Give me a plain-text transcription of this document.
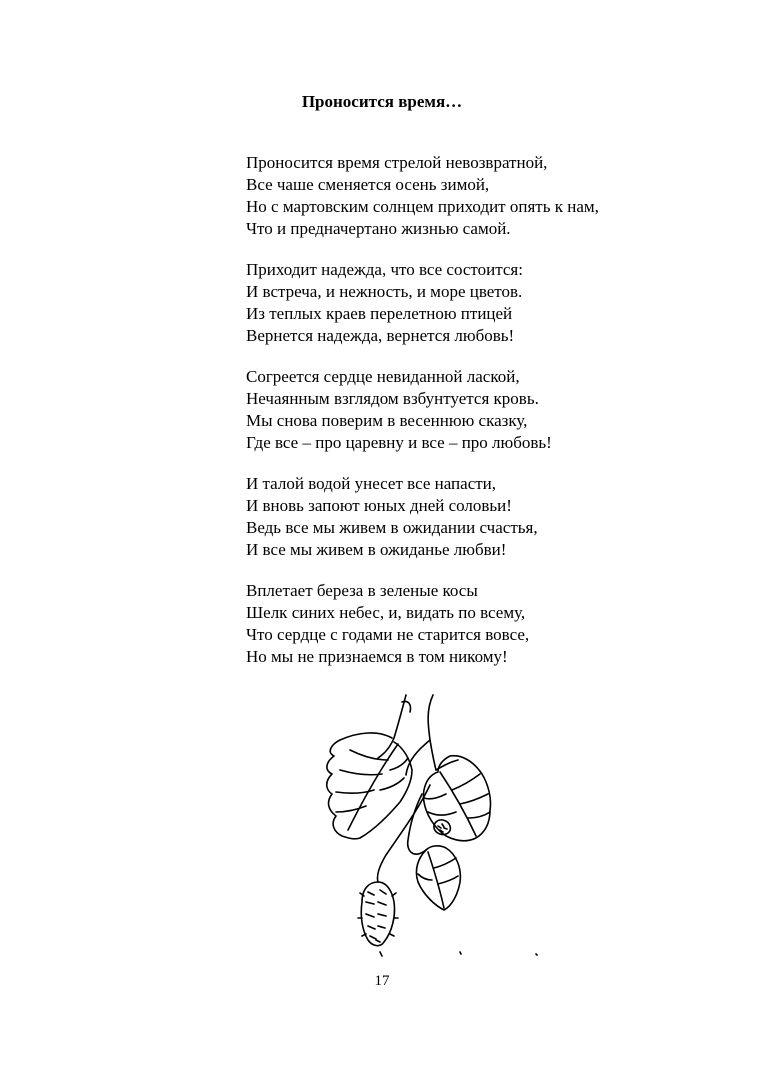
Проносится время…
Проносится время стрелой невозвратной,
Все чаше сменяется осень зимой,
Но с мартовским солнцем приходит опять к нам,
Что и предначертано жизнью самой.
Приходит надежда, что все состоится:
И встреча, и нежность, и море цветов.
Из теплых краев перелетною птицей
Вернется надежда, вернется любовь!
Согреется сердце невиданной лаской,
Нечаянным взглядом взбунтуется кровь.
Мы снова поверим в весеннюю сказку,
Где все – про царевну и все – про любовь!
И талой водой унесет все напасти,
И вновь запоют юных дней соловьи!
Ведь все мы живем в ожидании счастья,
И все мы живем в ожиданье любви!
Вплетает береза в зеленые косы
Шелк синих небес, и, видать по всему,
Что сердце с годами не старится вовсе,
Но мы не признаемся в том никому!
17
